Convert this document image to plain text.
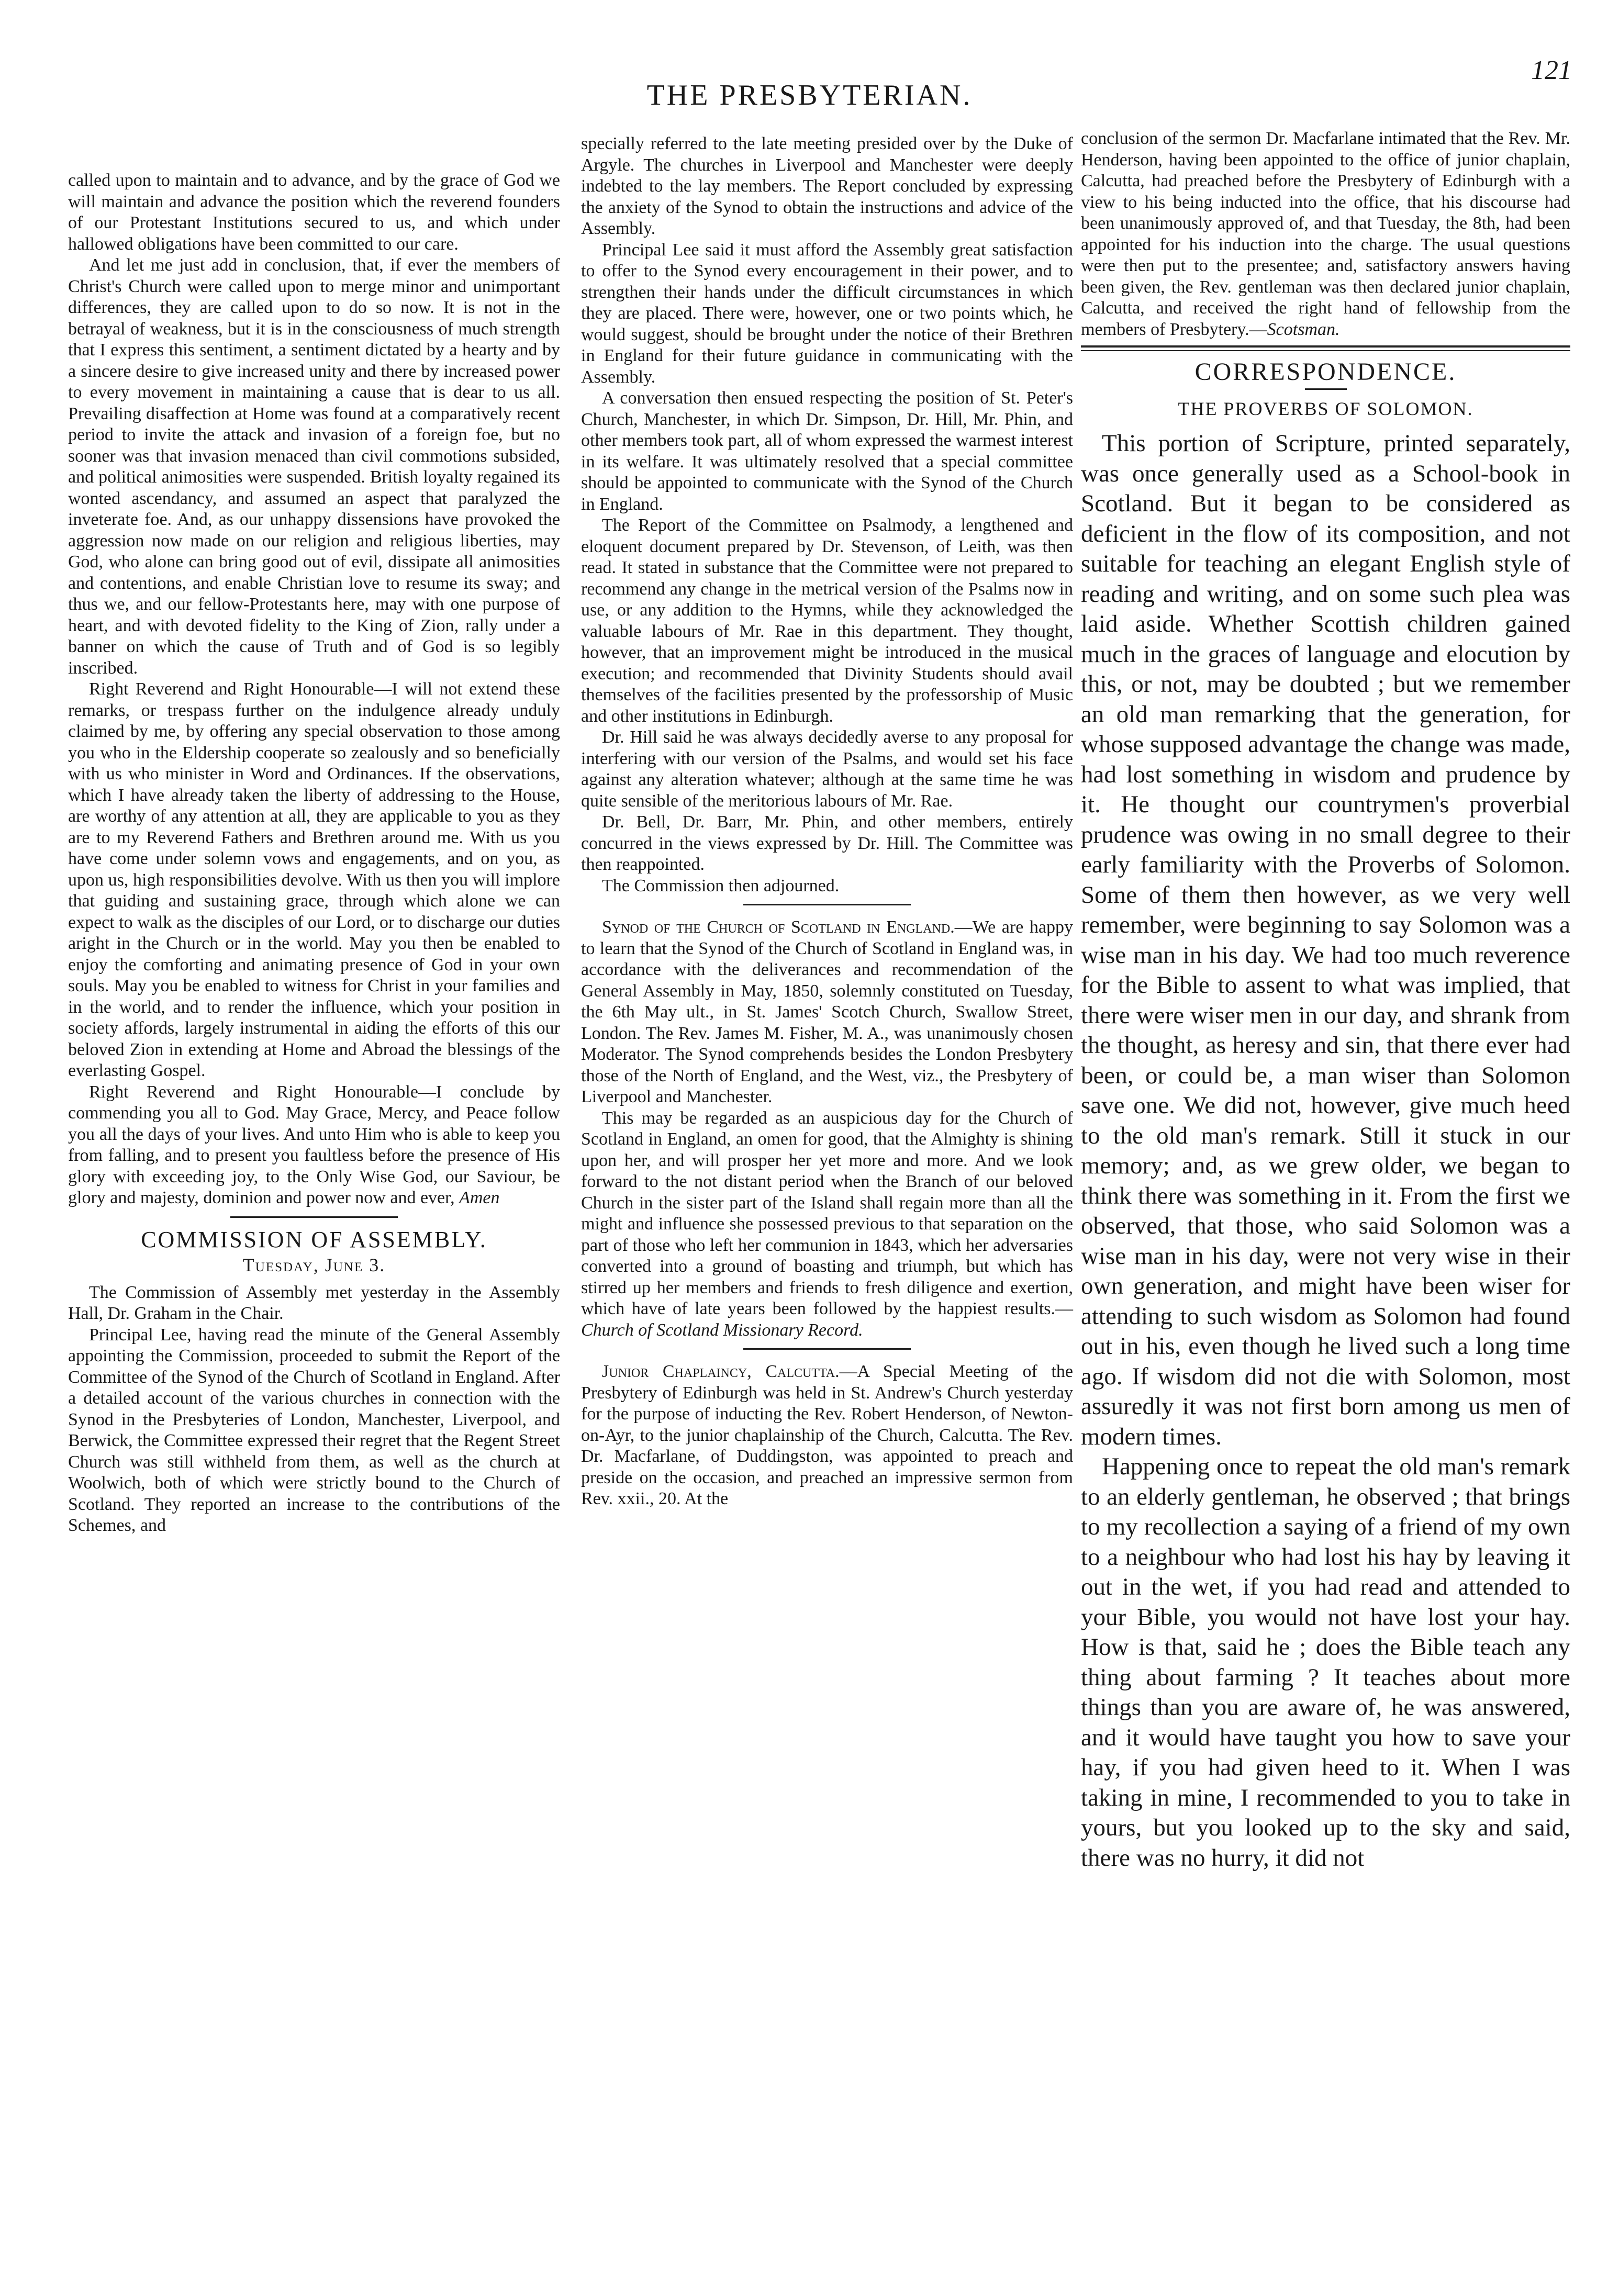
THE PRESBYTERIAN.
121

called upon to maintain and to advance, and by the grace of God we will maintain and advance the position which the reverend founders of our Protestant Institutions secured to us, and which under hallowed obligations have been committed to our care.

And let me just add in conclusion, that, if ever the members of Christ's Church were called upon to merge minor and unimportant differences, they are called upon to do so now. It is not in the betrayal of weakness, but it is in the consciousness of much strength that I express this sentiment, a sentiment dictated by a hearty and by a sincere desire to give increased unity and there by increased power to every movement in maintaining a cause that is dear to us all. Prevailing disaffection at Home was found at a comparatively recent period to invite the attack and invasion of a foreign foe, but no sooner was that invasion menaced than civil commotions subsided, and political animosities were suspended. British loyalty regained its wonted ascendancy, and assumed an aspect that paralyzed the inveterate foe. And, as our unhappy dissensions have provoked the aggression now made on our religion and religious liberties, may God, who alone can bring good out of evil, dissipate all animosities and contentions, and enable Christian love to resume its sway; and thus we, and our fellow-Protestants here, may with one purpose of heart, and with devoted fidelity to the King of Zion, rally under a banner on which the cause of Truth and of God is so legibly inscribed.

Right Reverend and Right Honourable—I will not extend these remarks, or trespass further on the indulgence already unduly claimed by me, by offering any special observation to those among you who in the Eldership cooperate so zealously and so beneficially with us who minister in Word and Ordinances. If the observations, which I have already taken the liberty of addressing to the House, are worthy of any attention at all, they are applicable to you as they are to my Reverend Fathers and Brethren around me. With us you have come under solemn vows and engagements, and on you, as upon us, high responsibilities devolve. With us then you will implore that guiding and sustaining grace, through which alone we can expect to walk as the disciples of our Lord, or to discharge our duties aright in the Church or in the world. May you then be enabled to enjoy the comforting and animating presence of God in your own souls. May you be enabled to witness for Christ in your families and in the world, and to render the influence, which your position in society affords, largely instrumental in aiding the efforts of this our beloved Zion in extending at Home and Abroad the blessings of the everlasting Gospel.

Right Reverend and Right Honourable—I conclude by commending you all to God. May Grace, Mercy, and Peace follow you all the days of your lives. And unto Him who is able to keep you from falling, and to present you faultless before the presence of His glory with exceeding joy, to the Only Wise God, our Saviour, be glory and majesty, dominion and power now and ever, Amen

COMMISSION OF ASSEMBLY.
Tuesday, June 3.

The Commission of Assembly met yesterday in the Assembly Hall, Dr. Graham in the Chair.

Principal Lee, having read the minute of the General Assembly appointing the Commission, proceeded to submit the Report of the Committee of the Synod of the Church of Scotland in England. After a detailed account of the various churches in connection with the Synod in the Presbyteries of London, Manchester, Liverpool, and Berwick, the Committee expressed their regret that the Regent Street Church was still withheld from them, as well as the church at Woolwich, both of which were strictly bound to the Church of Scotland. They reported an increase to the contributions of the Schemes, and

specially referred to the late meeting presided over by the Duke of Argyle. The churches in Liverpool and Manchester were deeply indebted to the lay members. The Report concluded by expressing the anxiety of the Synod to obtain the instructions and advice of the Assembly.

Principal Lee said it must afford the Assembly great satisfaction to offer to the Synod every encouragement in their power, and to strengthen their hands under the difficult circumstances in which they are placed. There were, however, one or two points which, he would suggest, should be brought under the notice of their Brethren in England for their future guidance in communicating with the Assembly.

A conversation then ensued respecting the position of St. Peter's Church, Manchester, in which Dr. Simpson, Dr. Hill, Mr. Phin, and other members took part, all of whom expressed the warmest interest in its welfare. It was ultimately resolved that a special committee should be appointed to communicate with the Synod of the Church in England.

The Report of the Committee on Psalmody, a lengthened and eloquent document prepared by Dr. Stevenson, of Leith, was then read. It stated in substance that the Committee were not prepared to recommend any change in the metrical version of the Psalms now in use, or any addition to the Hymns, while they acknowledged the valuable labours of Mr. Rae in this department. They thought, however, that an improvement might be introduced in the musical execution; and recommended that Divinity Students should avail themselves of the facilities presented by the professorship of Music and other institutions in Edinburgh.

Dr. Hill said he was always decidedly averse to any proposal for interfering with our version of the Psalms, and would set his face against any alteration whatever; although at the same time he was quite sensible of the meritorious labours of Mr. Rae.

Dr. Bell, Dr. Barr, Mr. Phin, and other members, entirely concurred in the views expressed by Dr. Hill. The Committee was then reappointed.

The Commission then adjourned.

Synod of the Church of Scotland in England.—We are happy to learn that the Synod of the Church of Scotland in England was, in accordance with the deliverances and recommendation of the General Assembly in May, 1850, solemnly constituted on Tuesday, the 6th May ult., in St. James' Scotch Church, Swallow Street, London. The Rev. James M. Fisher, M. A., was unanimously chosen Moderator. The Synod comprehends besides the London Presbytery those of the North of England, and the West, viz., the Presbytery of Liverpool and Manchester.

This may be regarded as an auspicious day for the Church of Scotland in England, an omen for good, that the Almighty is shining upon her, and will prosper her yet more and more. And we look forward to the not distant period when the Branch of our beloved Church in the sister part of the Island shall regain more than all the might and influence she possessed previous to that separation on the part of those who left her communion in 1843, which her adversaries converted into a ground of boasting and triumph, but which has stirred up her members and friends to fresh diligence and exertion, which have of late years been followed by the happiest results.—Church of Scotland Missionary Record.

Junior Chaplaincy, Calcutta.—A Special Meeting of the Presbytery of Edinburgh was held in St. Andrew's Church yesterday for the purpose of inducting the Rev. Robert Henderson, of Newton-on-Ayr, to the junior chaplainship of the Church, Calcutta. The Rev. Dr. Macfarlane, of Duddingston, was appointed to preach and preside on the occasion, and preached an impressive sermon from Rev. xxii., 20. At the

conclusion of the sermon Dr. Macfarlane intimated that the Rev. Mr. Henderson, having been appointed to the office of junior chaplain, Calcutta, had preached before the Presbytery of Edinburgh with a view to his being inducted into the office, that his discourse had been unanimously approved of, and that Tuesday, the 8th, had been appointed for his induction into the charge. The usual questions were then put to the presentee; and, satisfactory answers having been given, the Rev. gentleman was then declared junior chaplain, Calcutta, and received the right hand of fellowship from the members of Presbytery.—Scotsman.

CORRESPONDENCE.
THE PROVERBS OF SOLOMON.

This portion of Scripture, printed separately, was once generally used as a School-book in Scotland. But it began to be considered as deficient in the flow of its composition, and not suitable for teaching an elegant English style of reading and writing, and on some such plea was laid aside. Whether Scottish children gained much in the graces of language and elocution by this, or not, may be doubted ; but we remember an old man remarking that the generation, for whose supposed advantage the change was made, had lost something in wisdom and prudence by it. He thought our countrymen's proverbial prudence was owing in no small degree to their early familiarity with the Proverbs of Solomon. Some of them then however, as we very well remember, were beginning to say Solomon was a wise man in his day. We had too much reverence for the Bible to assent to what was implied, that there were wiser men in our day, and shrank from the thought, as heresy and sin, that there ever had been, or could be, a man wiser than Solomon save one. We did not, however, give much heed to the old man's remark. Still it stuck in our memory; and, as we grew older, we began to think there was something in it. From the first we observed, that those, who said Solomon was a wise man in his day, were not very wise in their own generation, and might have been wiser for attending to such wisdom as Solomon had found out in his, even though he lived such a long time ago. If wisdom did not die with Solomon, most assuredly it was not first born among us men of modern times.

Happening once to repeat the old man's remark to an elderly gentleman, he observed ; that brings to my recollection a saying of a friend of my own to a neighbour who had lost his hay by leaving it out in the wet, if you had read and attended to your Bible, you would not have lost your hay. How is that, said he ; does the Bible teach any thing about farming ? It teaches about more things than you are aware of, he was answered, and it would have taught you how to save your hay, if you had given heed to it. When I was taking in mine, I recommended to you to take in yours, but you looked up to the sky and said, there was no hurry, it did not
